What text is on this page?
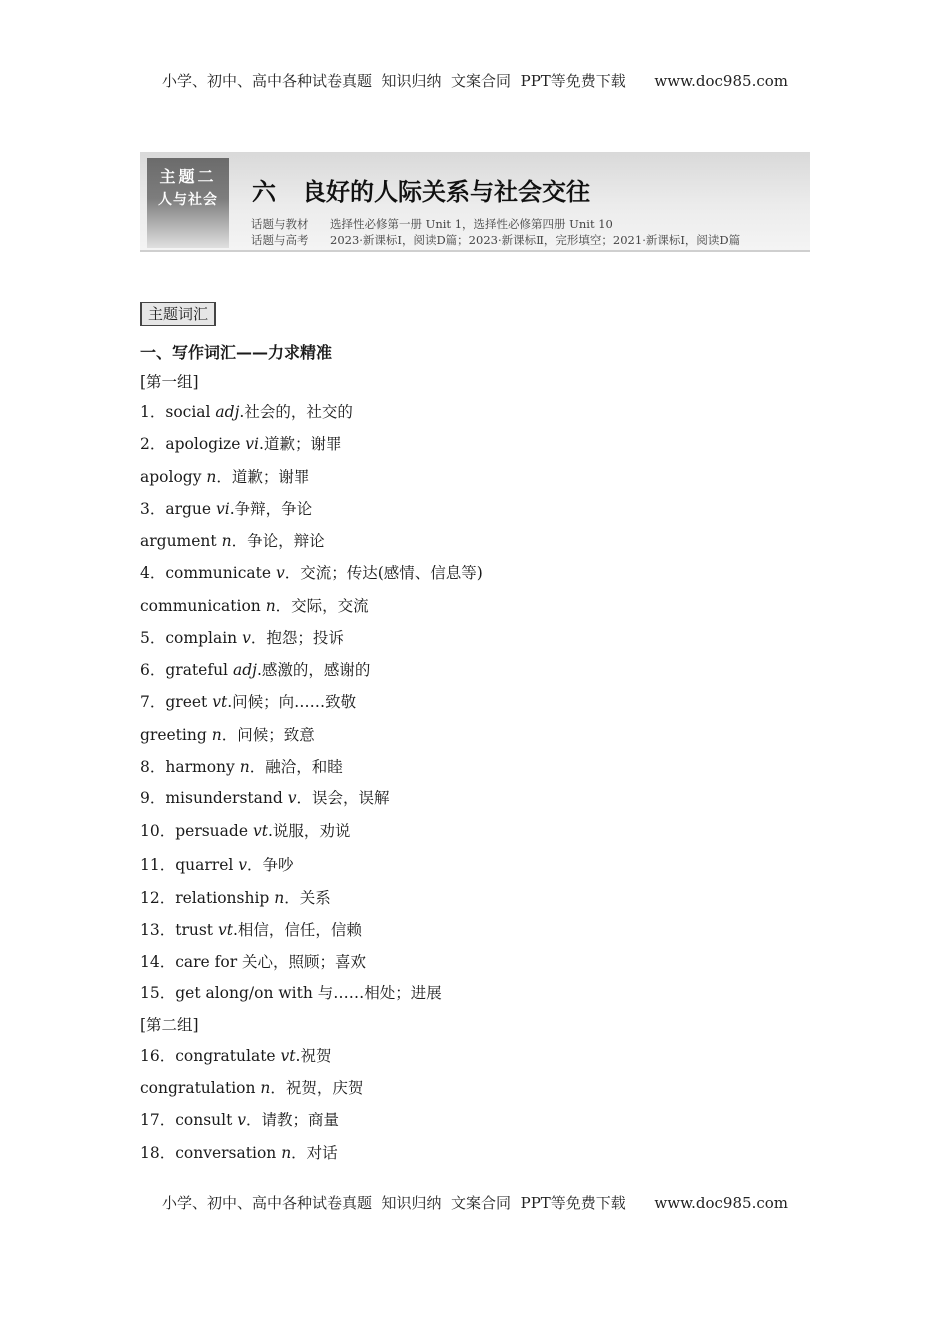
小学、初中、高中各种试卷真题  知识归纳  文案合同  PPT等免费下载      www.doc985.com
主题二
人与社会	六 良好的人际关系与社会交往
话题与教材 选择性必修第一册 Unit 1，选择性必修第四册 Unit 10
话题与高考 2023·新课标Ⅰ，阅读D篇；2023·新课标Ⅱ，完形填空；2021·新课标Ⅰ，阅读D篇
主题词汇
一、写作词汇——力求精准
[第一组]
1．social adj.社会的，社交的
2．apologize vi.道歉；谢罪
apology n．道歉；谢罪
3．argue vi.争辩，争论
argument n．争论，辩论
4．communicate v．交流；传达(感情、信息等)
communication n．交际，交流
5．complain v．抱怨；投诉
6．grateful adj.感激的，感谢的
7．greet vt.问候；向……致敬
greeting n．问候；致意
8．harmony n．融洽，和睦
9．misunderstand v．误会，误解
10．persuade vt.说服，劝说
11．quarrel v．争吵
12．relationship n．关系
13．trust vt.相信，信任，信赖
14．care for 关心，照顾；喜欢
15．get along/on with 与……相处；进展
[第二组]
16．congratulate vt.祝贺
congratulation n．祝贺，庆贺
17．consult v．请教；商量
18．conversation n．对话
小学、初中、高中各种试卷真题  知识归纳  文案合同  PPT等免费下载      www.doc985.com
